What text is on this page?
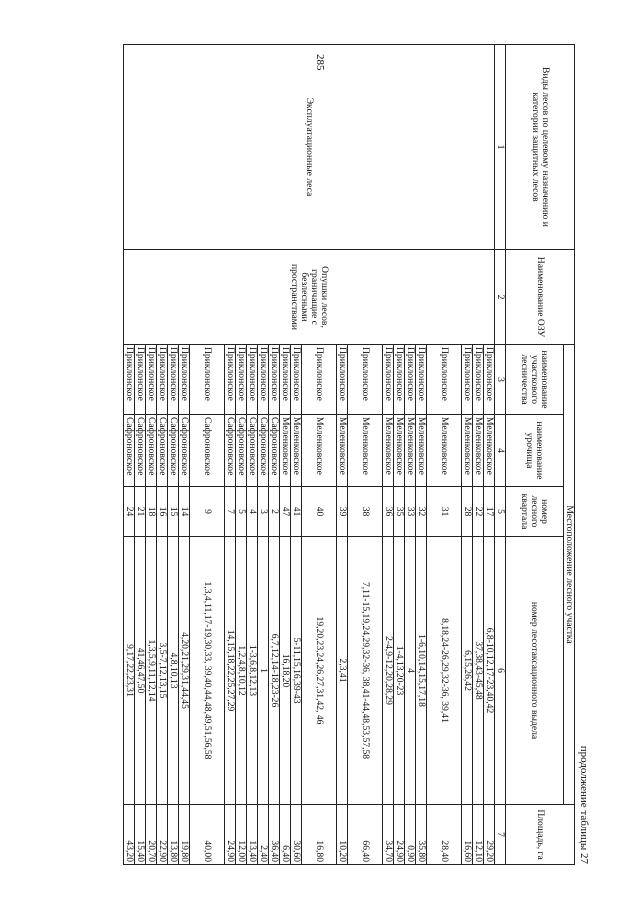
285
продолжение таблицы 27
Виды лесов по целевому назначению и категории защитных лесов	Наименование ОЗУ	Местоположение лесного участка				Площадь, га
		наименование участкового лесничества	наименование урочища	номер лесного квартала	номер лесотаксационного выдела	
1	2	3	4	5	6	7
Эксплуатационные леса	Опушки лесов, граничащие с безлесными пространствами	Приклонское	Меленковское	17	6,8-10,12,17-23,40,42	29,20
		Приклонское	Меленковское	22	37,38,43-45,48	12,10
		Приклонское	Меленковское	28	6,15,26,42	16,60
		Приклонское	Меленковское	31	8,18,24-26,29,32-36, 39,41	28,40
		Приклонское	Меленковское	32	1-6,10,14,15,17,18	35,80
		Приклонское	Меленковское	33	4	0,90
		Приклонское	Меленковское	35	1-4,13,20-23	24,90
		Приклонское	Меленковское	36	2-4,9-12,20,28,29	34,70
		Приклонское	Меленковское	38	7,11-15,19,24,29,32-36, 38,41-44,48,53,57,58	66,40
		Приклонское	Меленковское	39	2,3,41	10,20
		Приклонское	Меленковское	40	19,20,23,24,26,27,31,42, 46	16,80
		Приклонское	Меленковское	41	5-11,15,16,39-43	30,60
		Приклонское	Меленковское	47	16,18,20	6,40
		Приклонское	Сафроновское	2	6,7,12,14-18,23-26	36,40
		Приклонское	Сафроновское	3	1	2,40
		Приклонское	Сафроновское	4	1-3,6,8,12,13	13,40
		Приклонское	Сафроновское	5	1,2,4,8,10,12	12,00
		Приклонское	Сафроновское	7	14,15,18,22,25,27,29	24,90
		Приклонское	Сафроновское	9	1,3,4,11,17-19,30,33, 39,40,44,48,49,51,56,58	40,00
		Приклонское	Сафроновское	14	4,20,21,29,31,44,45	19,80
		Приклонское	Сафроновское	15	4,8,10,13	13,80
		Приклонское	Сафроновское	16	3,5-7,12,13,15	22,90
		Приклонское	Сафроновское	18	1,3,5,9,11,12,14	20,70
		Приклонское	Сафроновское	21	41,46,47,50	15,40
		Приклонское	Сафроновское	24	9,17,22,23,31	43,20
